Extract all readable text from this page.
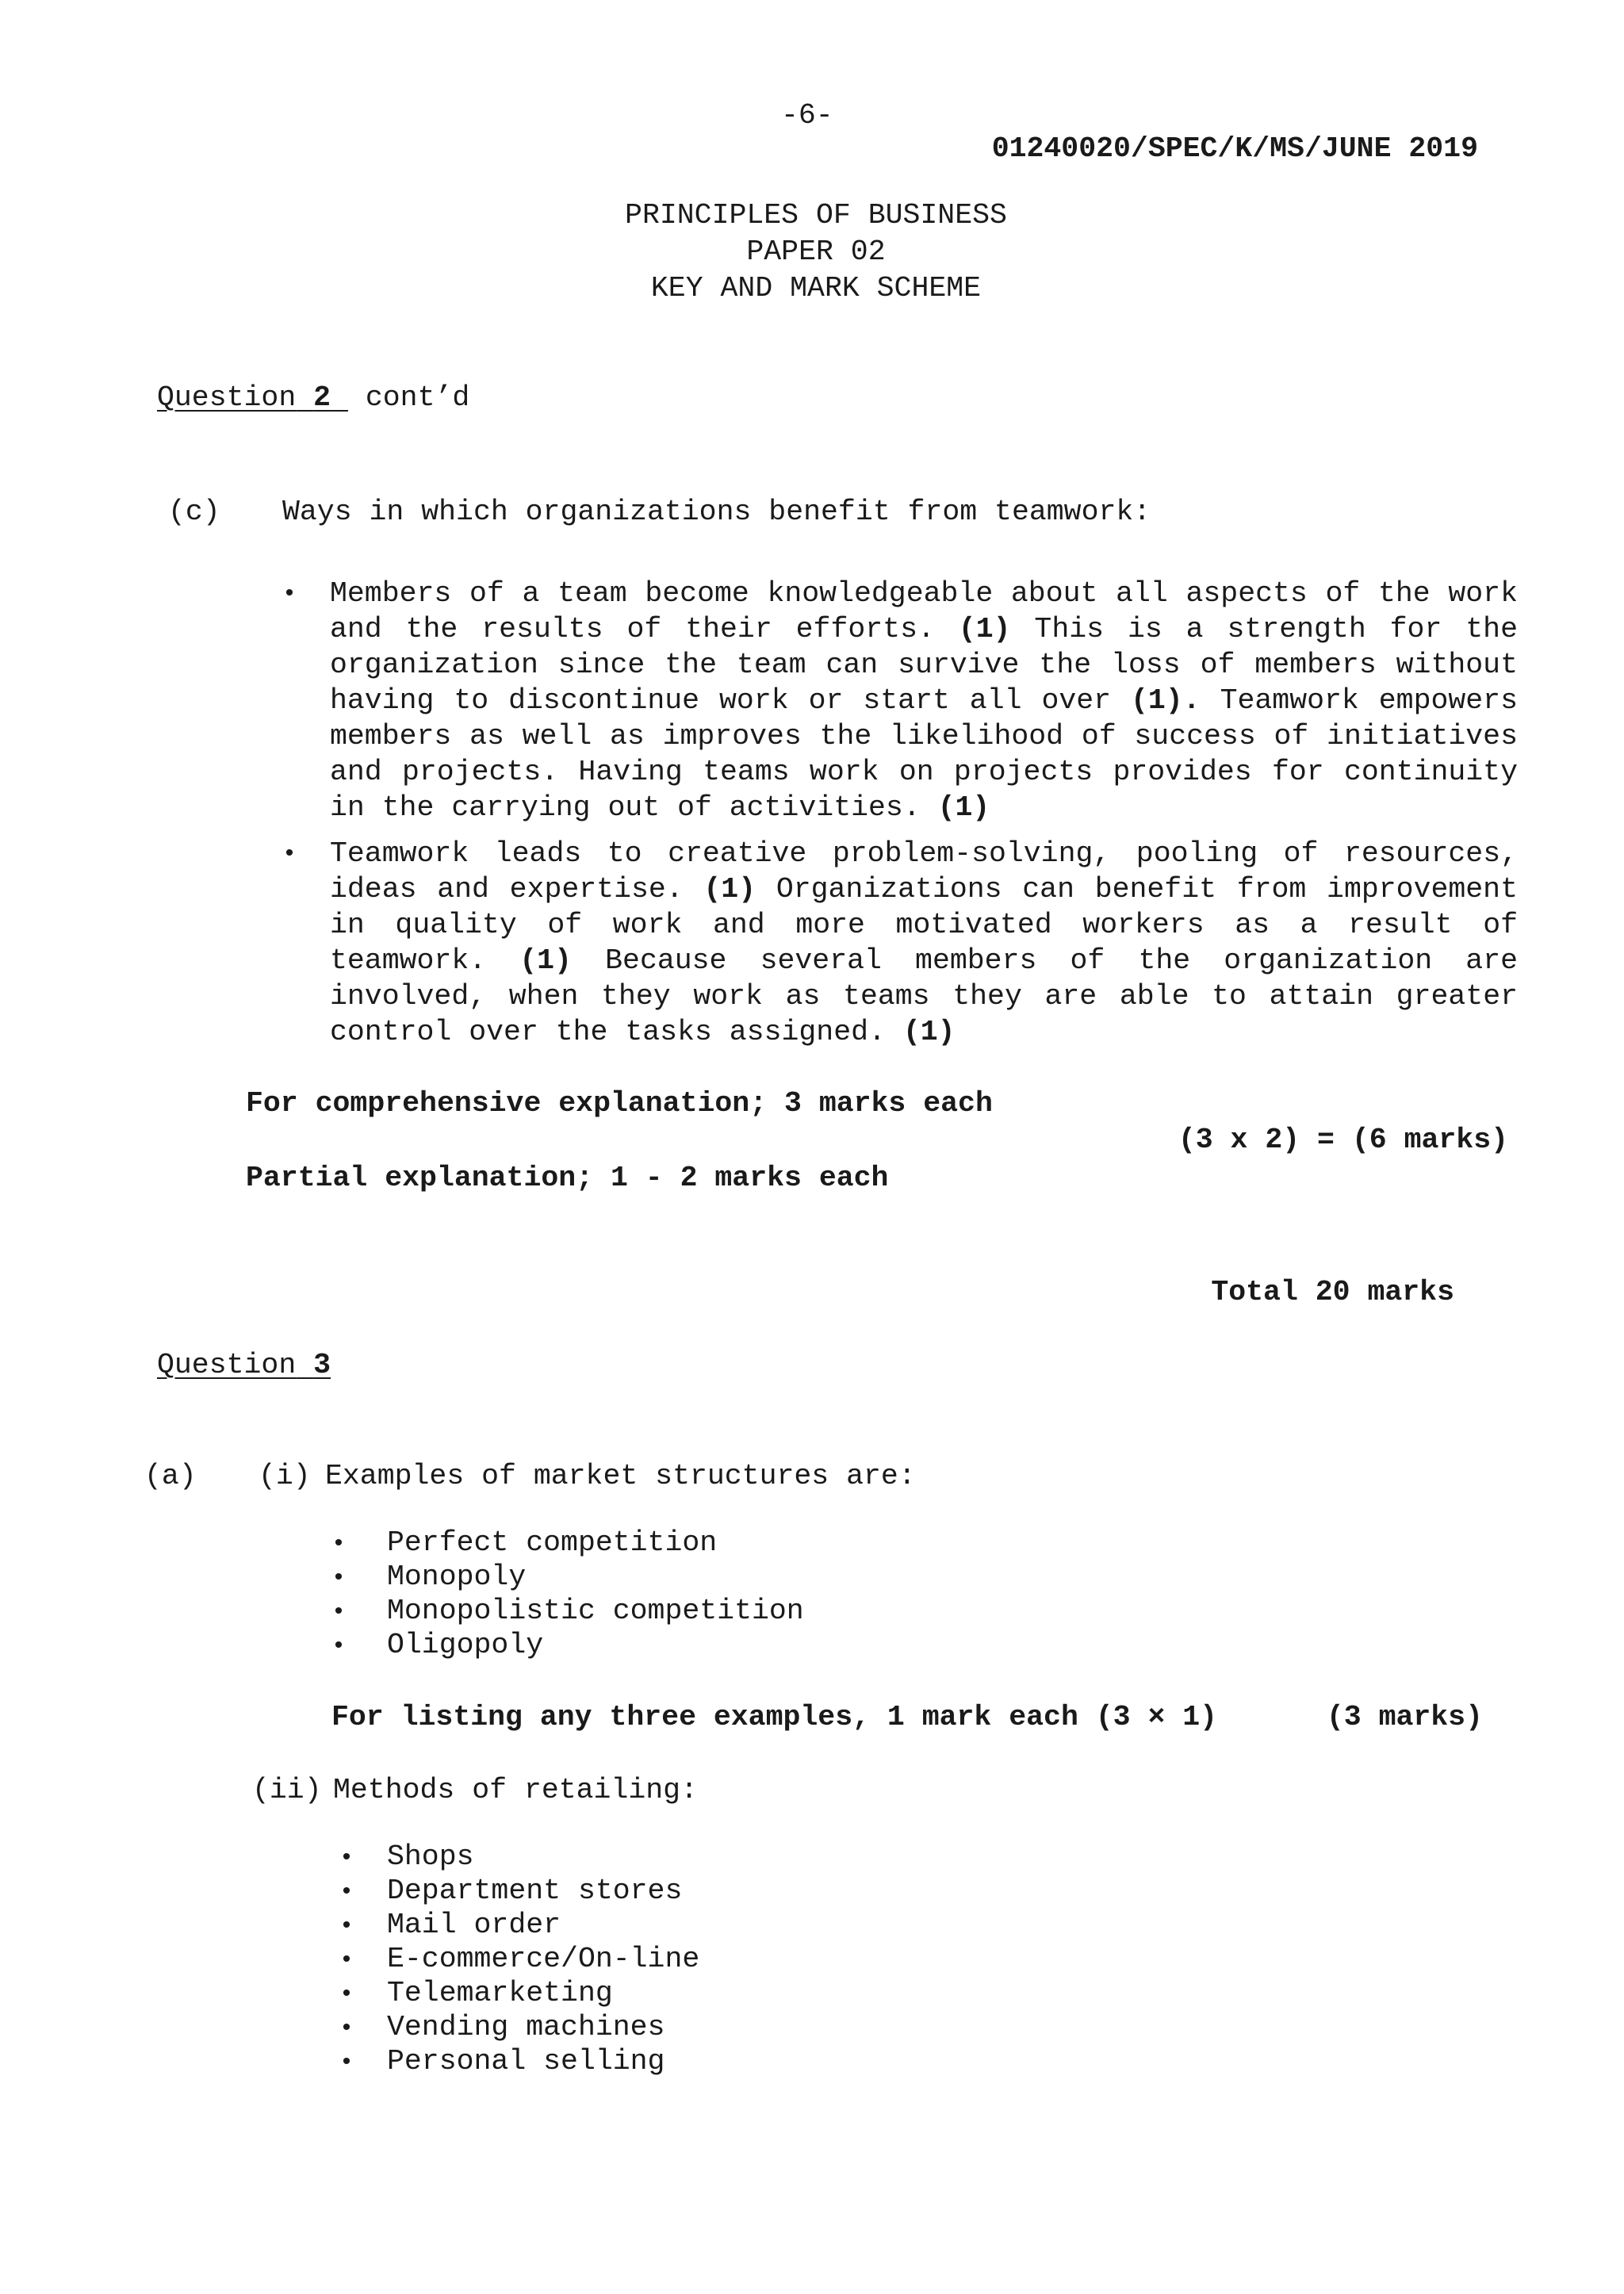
-6-
01240020/SPEC/K/MS/JUNE 2019
PRINCIPLES OF BUSINESS
PAPER 02
KEY AND MARK SCHEME
Question 2  cont’d
(c) Ways in which organizations benefit from teamwork:
• Members of a team become knowledgeable about all aspects of the work and the results of their efforts. (1) This is a strength for the organization since the team can survive the loss of members without having to discontinue work or start all over (1). Teamwork empowers members as well as improves the likelihood of success of initiatives and projects. Having teams work on projects provides for continuity in the carrying out of activities. (1)
• Teamwork leads to creative problem-solving, pooling of resources, ideas and expertise. (1) Organizations can benefit from improvement in quality of work and more motivated workers as a result of teamwork. (1) Because several members of the organization are involved, when they work as teams they are able to attain greater control over the tasks assigned. (1)
For comprehensive explanation; 3 marks each
(3 x 2) = (6 marks)
Partial explanation; 1 - 2 marks each
Total 20 marks
Question 3
(a) (i) Examples of market structures are:
• Perfect competition
• Monopoly
• Monopolistic competition
• Oligopoly
For listing any three examples, 1 mark each (3 × 1)	(3 marks)
(ii) Methods of retailing:
• Shops
• Department stores
• Mail order
• E-commerce/On-line
• Telemarketing
• Vending machines
• Personal selling
